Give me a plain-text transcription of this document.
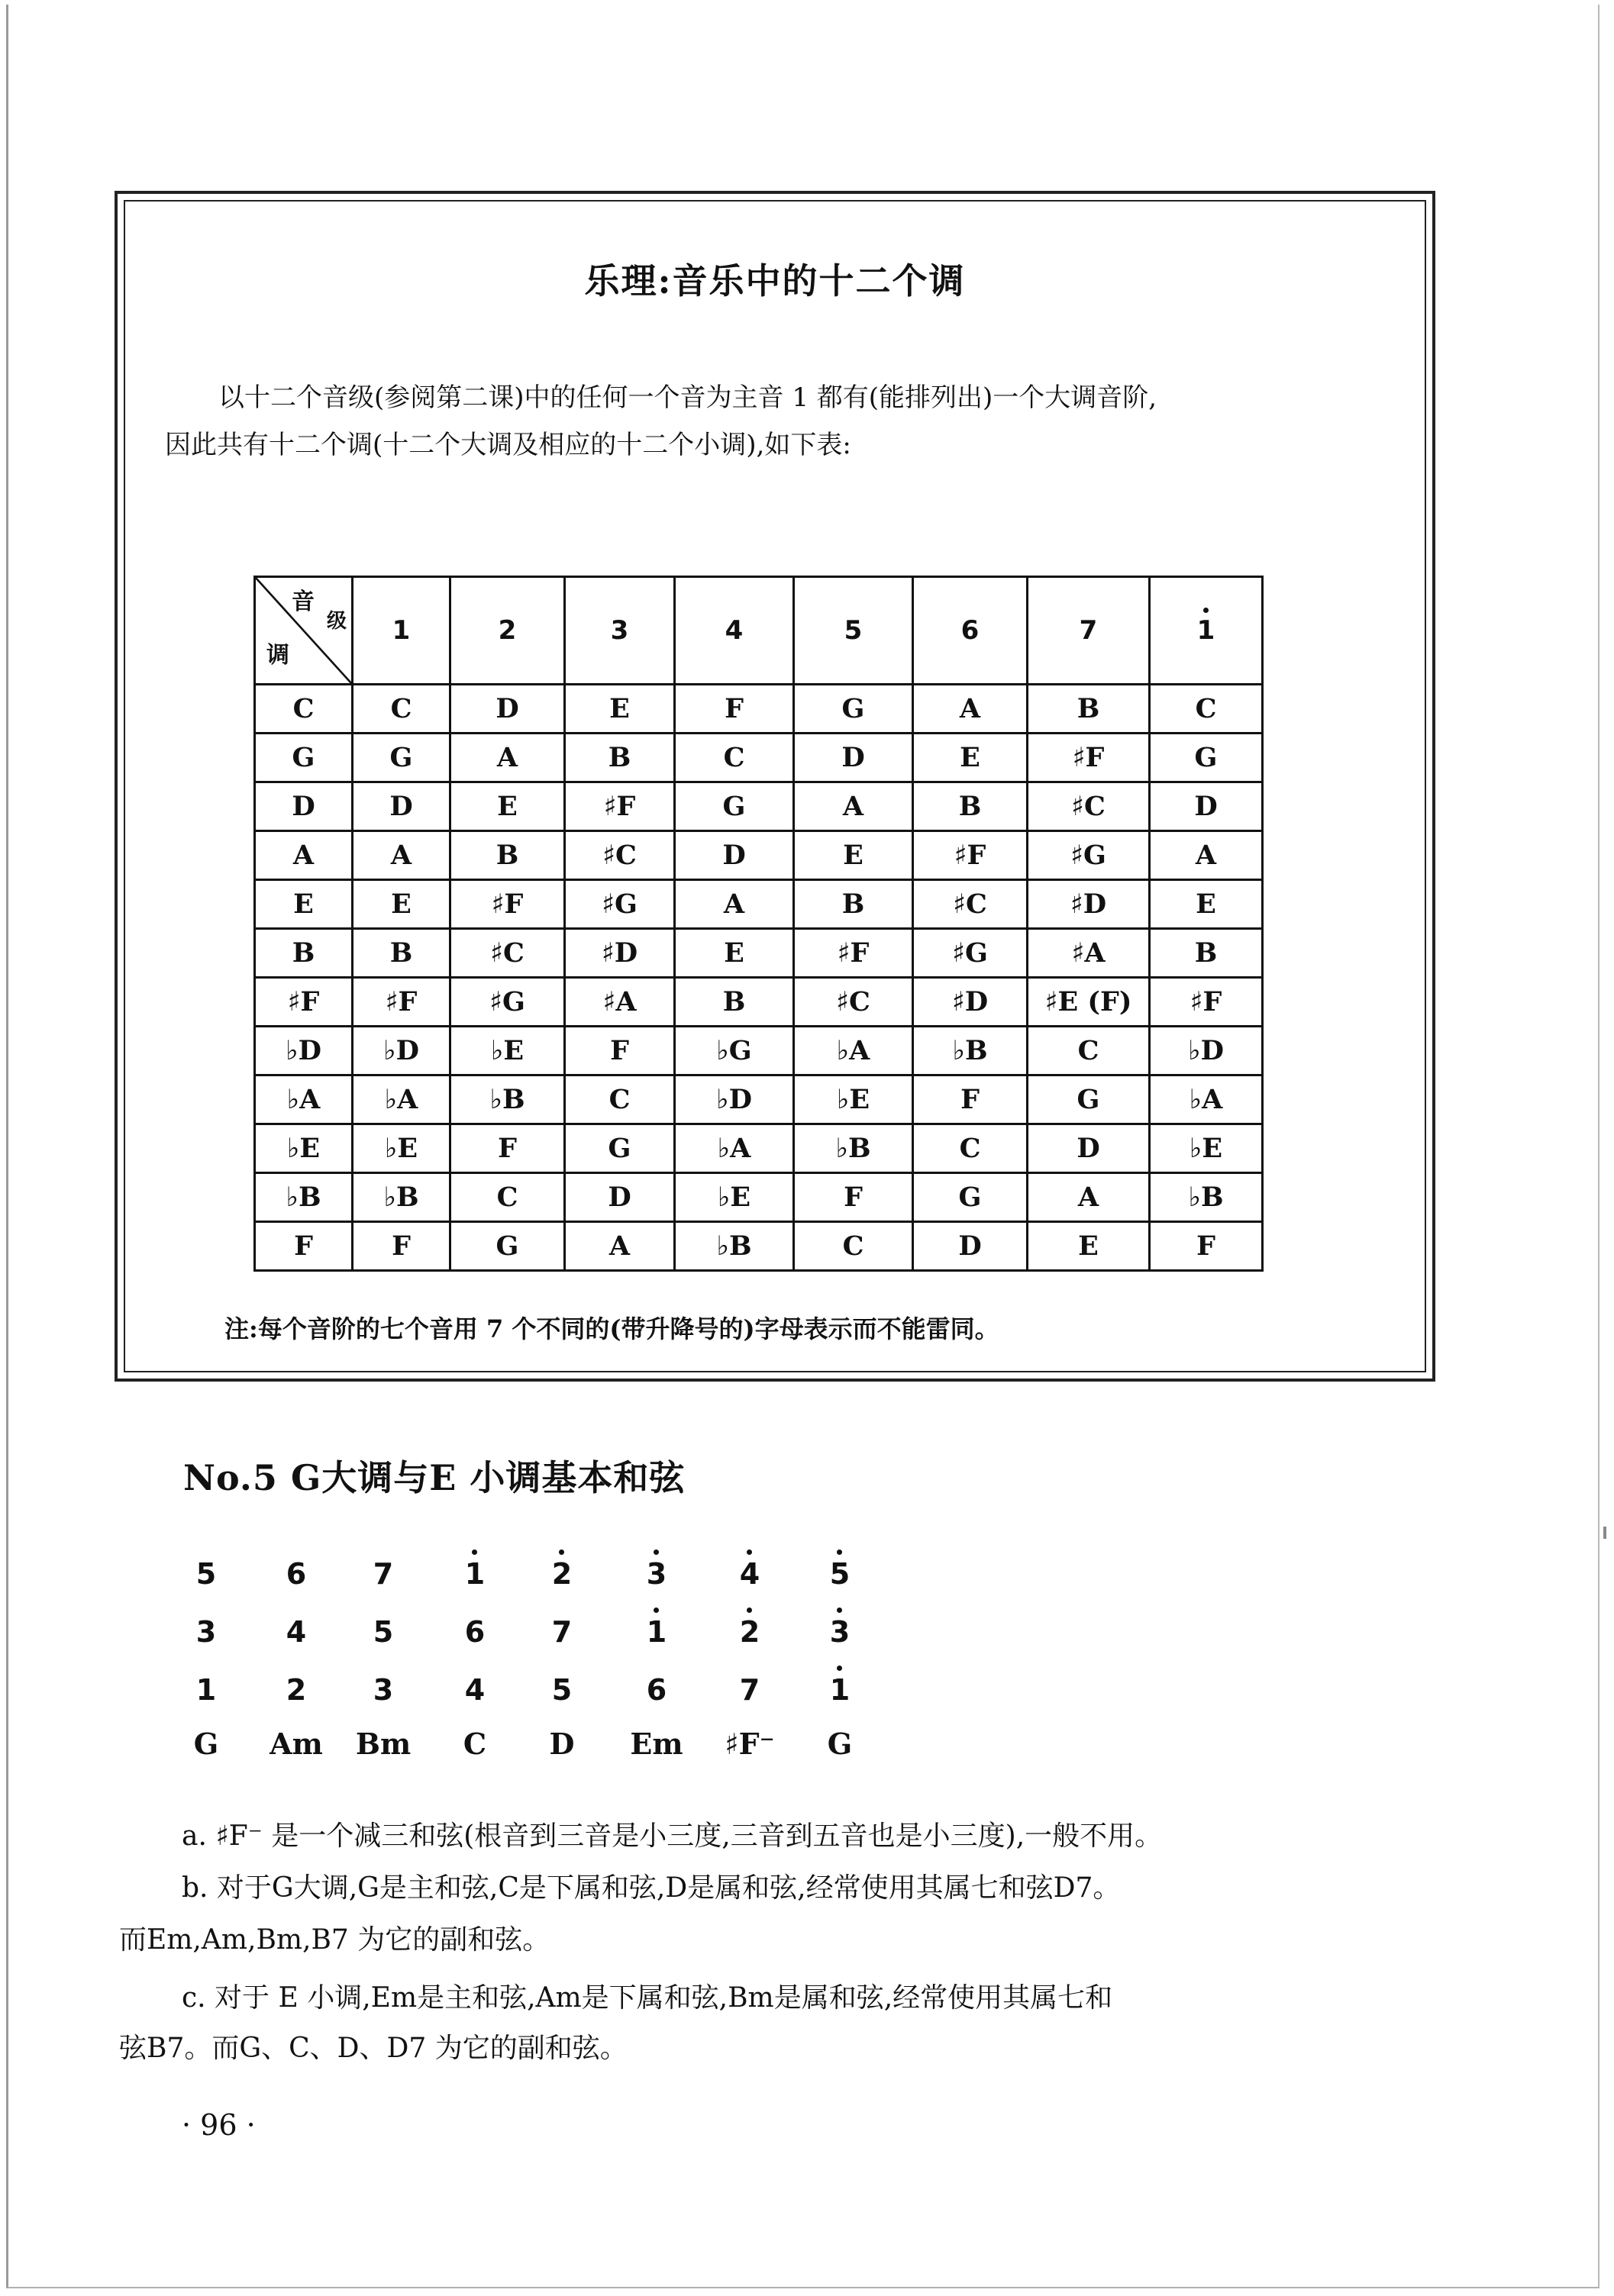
乐理:音乐中的十二个调
以十二个音级(参阅第二课)中的任何一个音为主音 1 都有(能排列出)一个大调音阶,
因此共有十二个调(十二个大调及相应的十二个小调),如下表:
音
级
调	1	2	3	4	5	6	7	1
C	C	D	E	F	G	A	B	C
G	G	A	B	C	D	E	♯F	G
D	D	E	♯F	G	A	B	♯C	D
A	A	B	♯C	D	E	♯F	♯G	A
E	E	♯F	♯G	A	B	♯C	♯D	E
B	B	♯C	♯D	E	♯F	♯G	♯A	B
♯F	♯F	♯G	♯A	B	♯C	♯D	♯E (F)	♯F
♭D	♭D	♭E	F	♭G	♭A	♭B	C	♭D
♭A	♭A	♭B	C	♭D	♭E	F	G	♭A
♭E	♭E	F	G	♭A	♭B	C	D	♭E
♭B	♭B	C	D	♭E	F	G	A	♭B
F	F	G	A	♭B	C	D	E	F
注:每个音阶的七个音用 7 个不同的(带升降号的)字母表示而不能雷同。
No.5 G大调与E 小调基本和弦
5	6	7	1	2	3	4	5
3	4	5	6	7	1	2	3
1	2	3	4	5	6	7	1
G	Am	Bm	C	D	Em	♯F⁻	G
a. ♯F⁻ 是一个减三和弦(根音到三音是小三度,三音到五音也是小三度),一般不用。
b. 对于G大调,G是主和弦,C是下属和弦,D是属和弦,经常使用其属七和弦D7。
而Em,Am,Bm,B7 为它的副和弦。
c. 对于 E 小调,Em是主和弦,Am是下属和弦,Bm是属和弦,经常使用其属七和
弦B7。而G、C、D、D7 为它的副和弦。
· 96 ·
